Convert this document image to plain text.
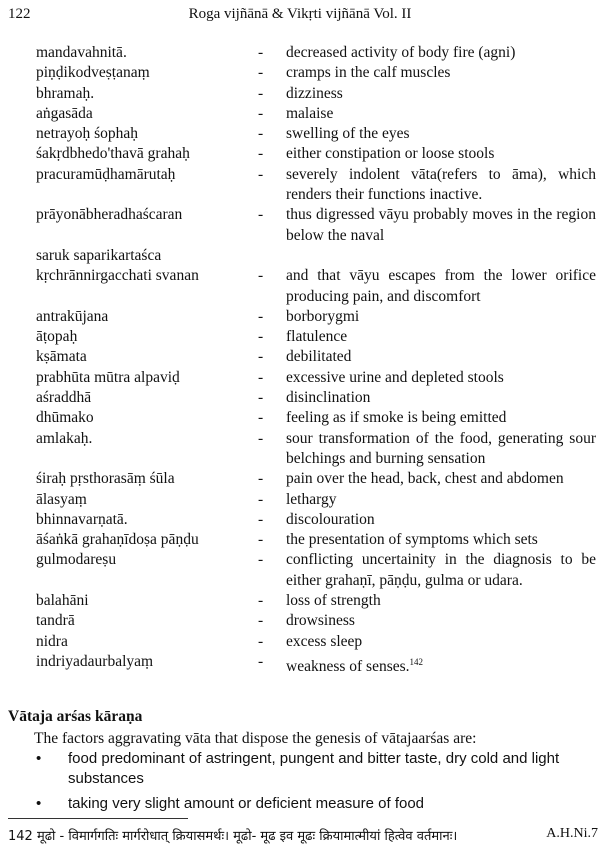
122	Roga vijñānā & Vikṛti vijñānā Vol. II
mandavahnitā.	-	decreased activity of body fire (agni)
piṇḍikodveṣṭanaṃ	-	cramps in the calf muscles
bhramaḥ.	-	dizziness
aṅgasāda	-	malaise
netrayoḥ śophaḥ	-	swelling of the eyes
śakṛdbhedo'thavā grahaḥ	-	either constipation or loose stools
pracuramūḍhamārutaḥ	-	severely indolent vāta(refers to āma), which renders their functions inactive.
prāyonābheradhaścaran	-	thus digressed vāyu probably moves in the region below the naval
saruk saparikartaśca
kṛchrānnirgacchati svanan	-	and that vāyu escapes from the lower orifice producing pain, and discomfort
antrakūjana	-	borborygmi
āṭopaḥ	-	flatulence
kṣāmata	-	debilitated
prabhūta mūtra alpaviḍ	-	excessive urine and depleted stools
aśraddhā	-	disinclination
dhūmako	-	feeling as if smoke is being emitted
amlakaḥ.	-	sour transformation of the food, generating sour belchings and burning sensation
śiraḥ pṛsthorasāṃ śūla	-	pain over the head, back, chest and abdomen
ālasyaṃ	-	lethargy
bhinnavarṇatā.	-	discolouration
āśaṅkā grahaṇīdoṣa pāṇḍu	-	the presentation of symptoms which sets
gulmodareṣu	-	conflicting uncertainity in the diagnosis to be either grahaṇī, pāṇḍu, gulma or udara.
balahāni	-	loss of strength
tandrā	-	drowsiness
nidra	-	excess sleep
indriyadaurbalyaṃ	-	weakness of senses.$^{142}$
Vātaja arśas kāraṇa
The factors aggravating vāta that dispose the genesis of vātajaarśas are:
•	food predominant of astringent, pungent and bitter taste, dry cold and light substances
•	taking very slight amount or deficient measure of food
142 मूढो - विमार्गगतिः मार्गरोधात् क्रियासमर्थः। मूढो- मूढ इव मूढः क्रियामात्मीयां हित्वेव वर्तमानः।	A.H.Ni.7
